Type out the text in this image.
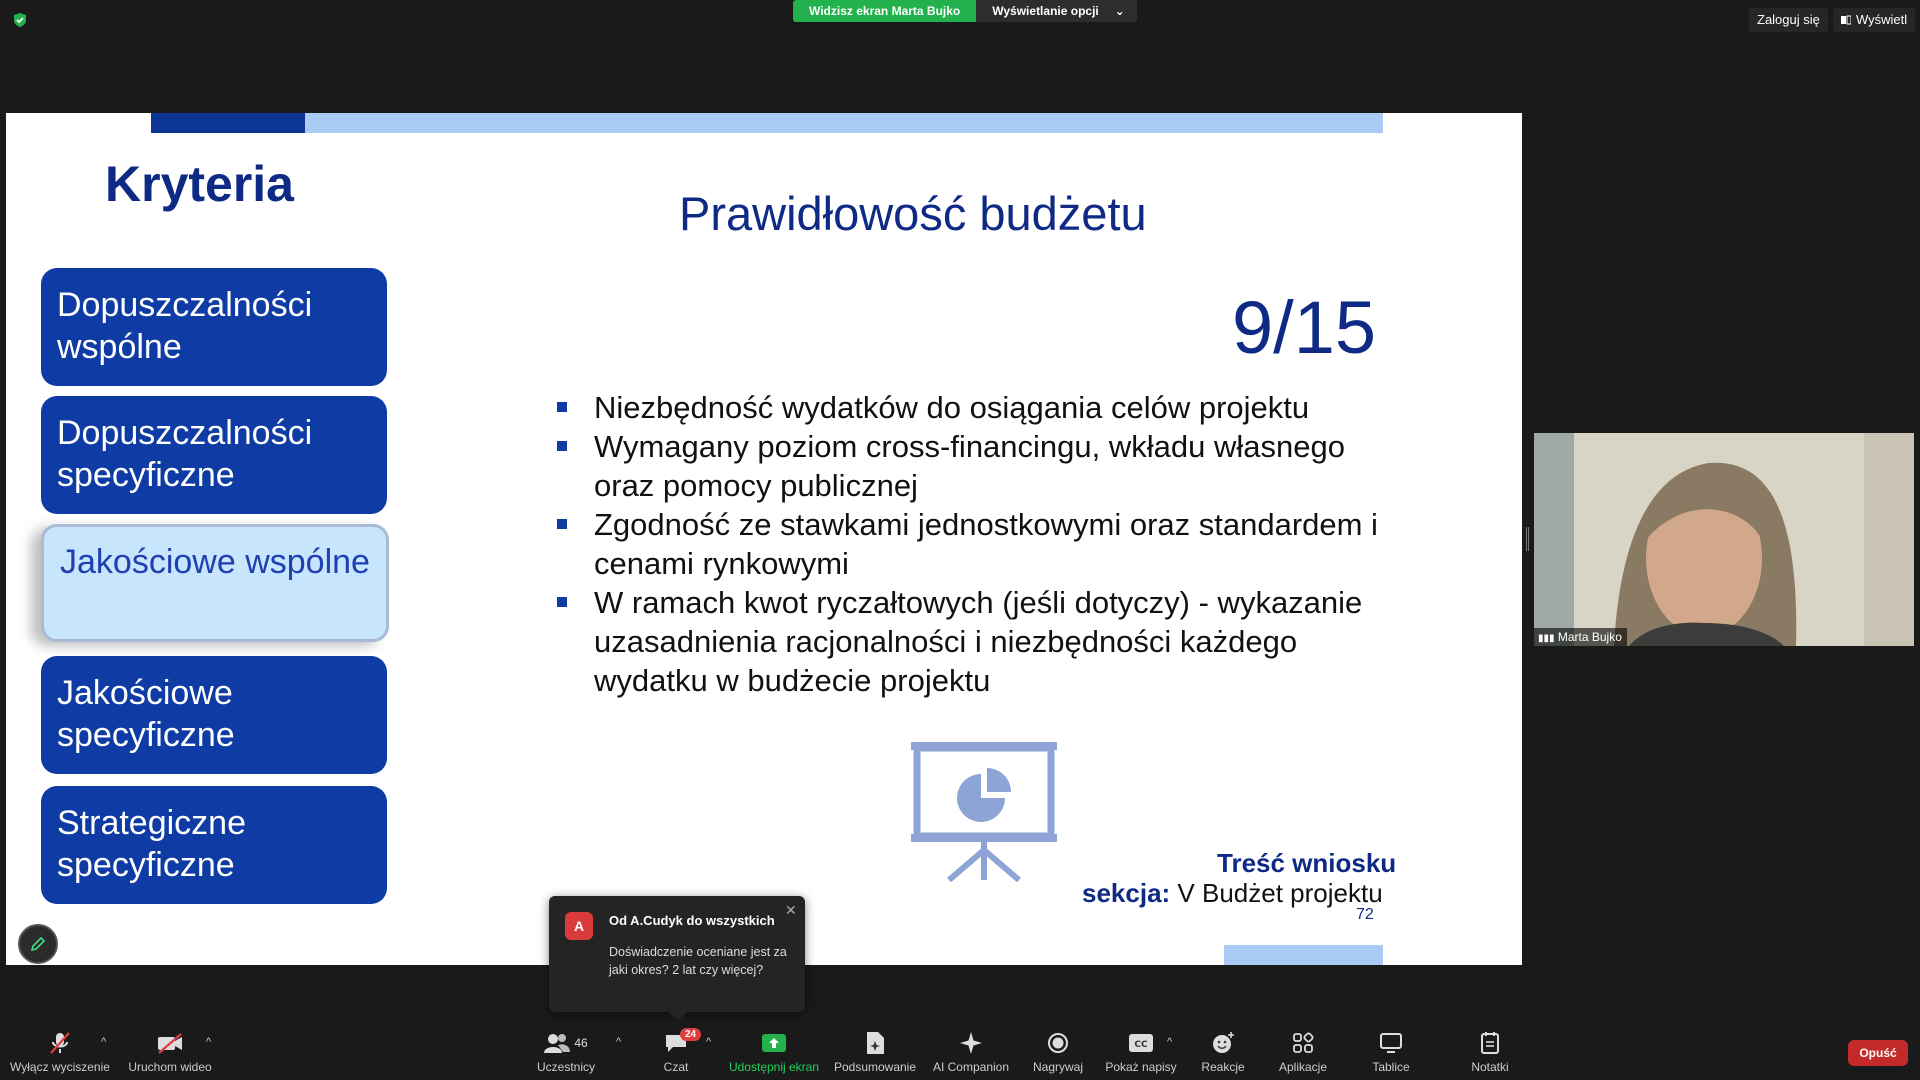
Widzisz ekran Marta Bujko	Wyświetlanie opcji ⌄
Zaloguj się	Wyświetl
Kryteria
Dopuszczalności wspólne
Dopuszczalności specyficzne
Jakościowe wspólne
Jakościowe specyficzne
Strategiczne specyficzne
Prawidłowość budżetu
9/15
Niezbędność wydatków do osiągania celów projektu
Wymagany poziom cross-financingu, wkładu własnego oraz pomocy publicznej
Zgodność ze stawkami jednostkowymi oraz standardem i cenami rynkowymi
W ramach kwot ryczałtowych (jeśli dotyczy) - wykazanie uzasadnienia racjonalności i niezbędności każdego wydatku w budżecie projektu
Treść wniosku
sekcja: V Budżet projektu
72
▮▮▮ Marta Bujko
A	Od A.Cudyk do wszystkich
Doświadczenie oceniane jest za jaki okres? 2 lat czy więcej?
✕
Wyłącz wyciszenie
^
Uruchom wideo
^	46
Uczestnicy
^
Czat
24
^
Udostępnij ekran Podsumowanie	AI Companion	Nagrywaj
CC
Pokaż napisy
^
Reakcje	Aplikacje	Tablice	Notatki
Opuść
